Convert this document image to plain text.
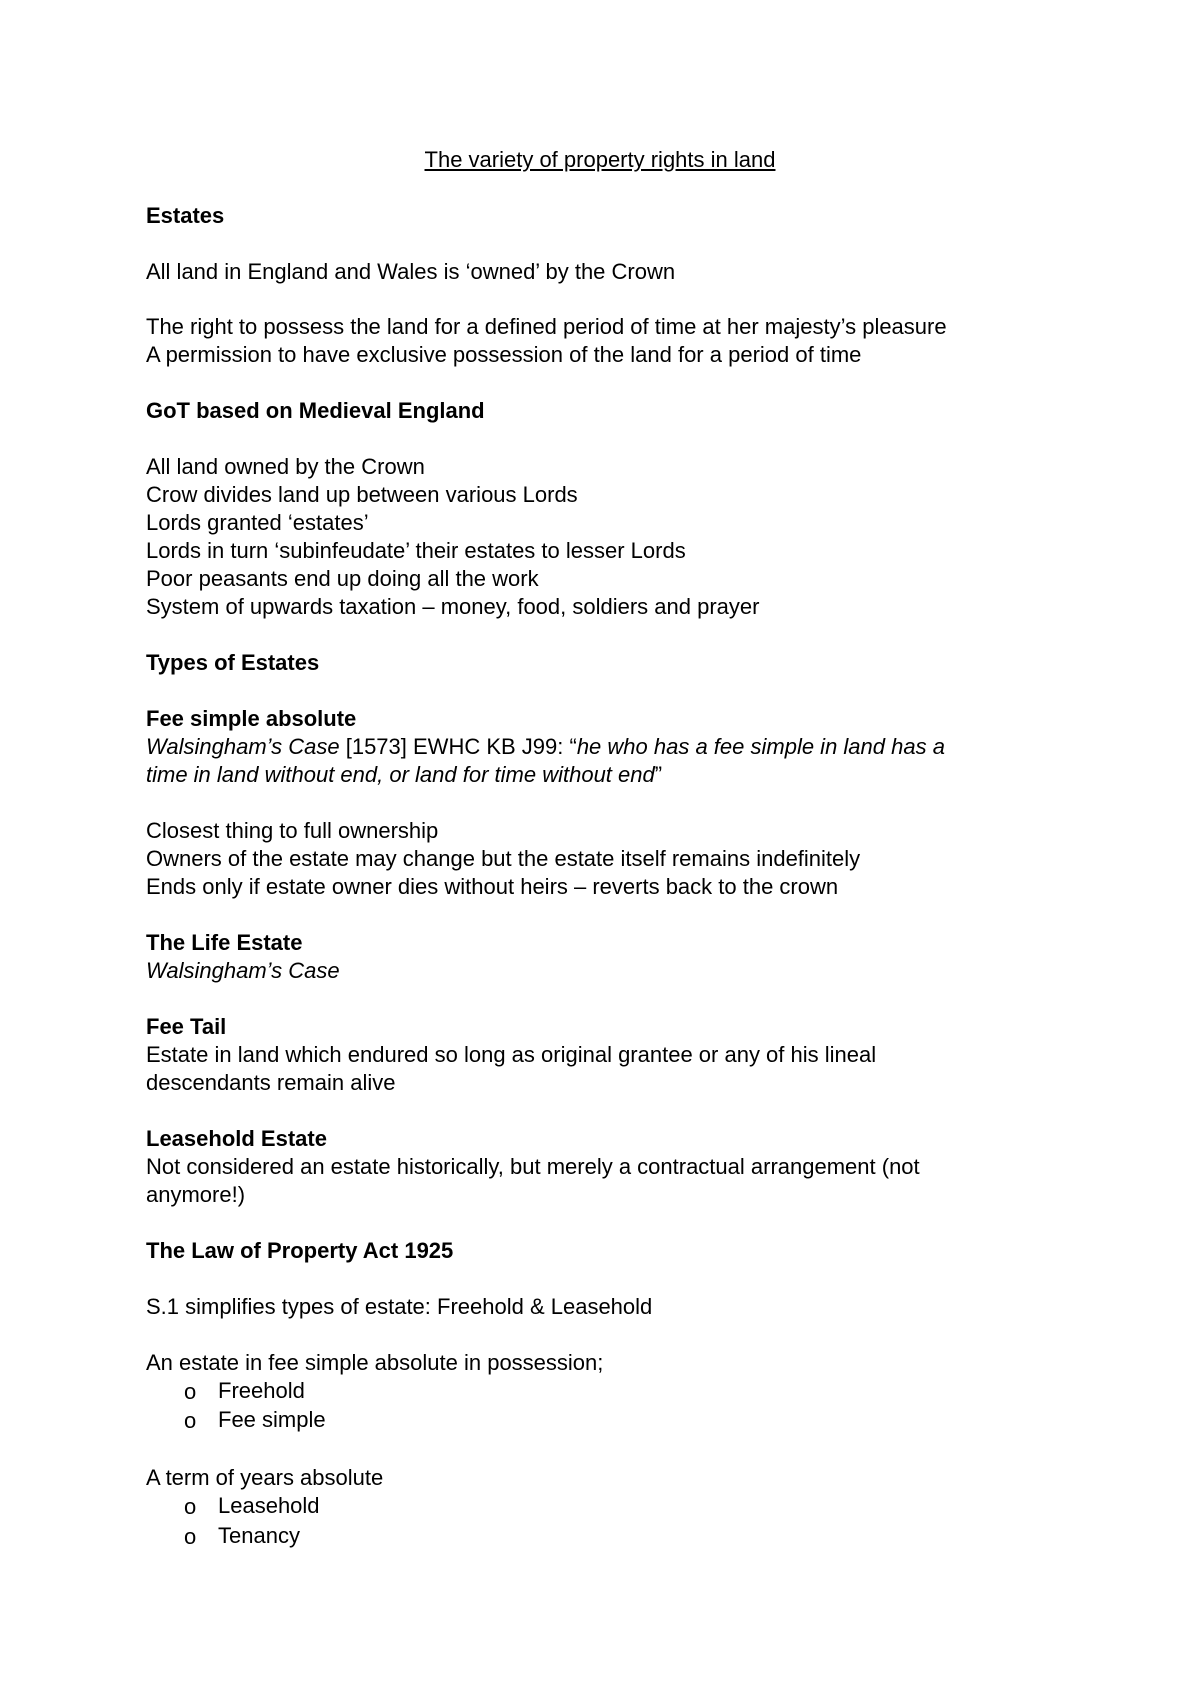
The variety of property rights in land
Estates
All land in England and Wales is ‘owned’ by the Crown
The right to possess the land for a defined period of time at her majesty’s pleasure
A permission to have exclusive possession of the land for a period of time
GoT based on Medieval England
All land owned by the Crown
Crow divides land up between various Lords
Lords granted ‘estates’
Lords in turn ‘subinfeudate’ their estates to lesser Lords
Poor peasants end up doing all the work
System of upwards taxation – money, food, soldiers and prayer
Types of Estates
Fee simple absolute
Walsingham’s Case [1573] EWHC KB J99: “he who has a fee simple in land has a
time in land without end, or land for time without end”
Closest thing to full ownership
Owners of the estate may change but the estate itself remains indefinitely
Ends only if estate owner dies without heirs – reverts back to the crown
The Life Estate
Walsingham’s Case
Fee Tail
Estate in land which endured so long as original grantee or any of his lineal
descendants remain alive
Leasehold Estate
Not considered an estate historically, but merely a contractual arrangement (not
anymore!)
The Law of Property Act 1925
S.1 simplifies types of estate: Freehold & Leasehold
An estate in fee simple absolute in possession;
o Freehold
o Fee simple
A term of years absolute
o Leasehold
o Tenancy
